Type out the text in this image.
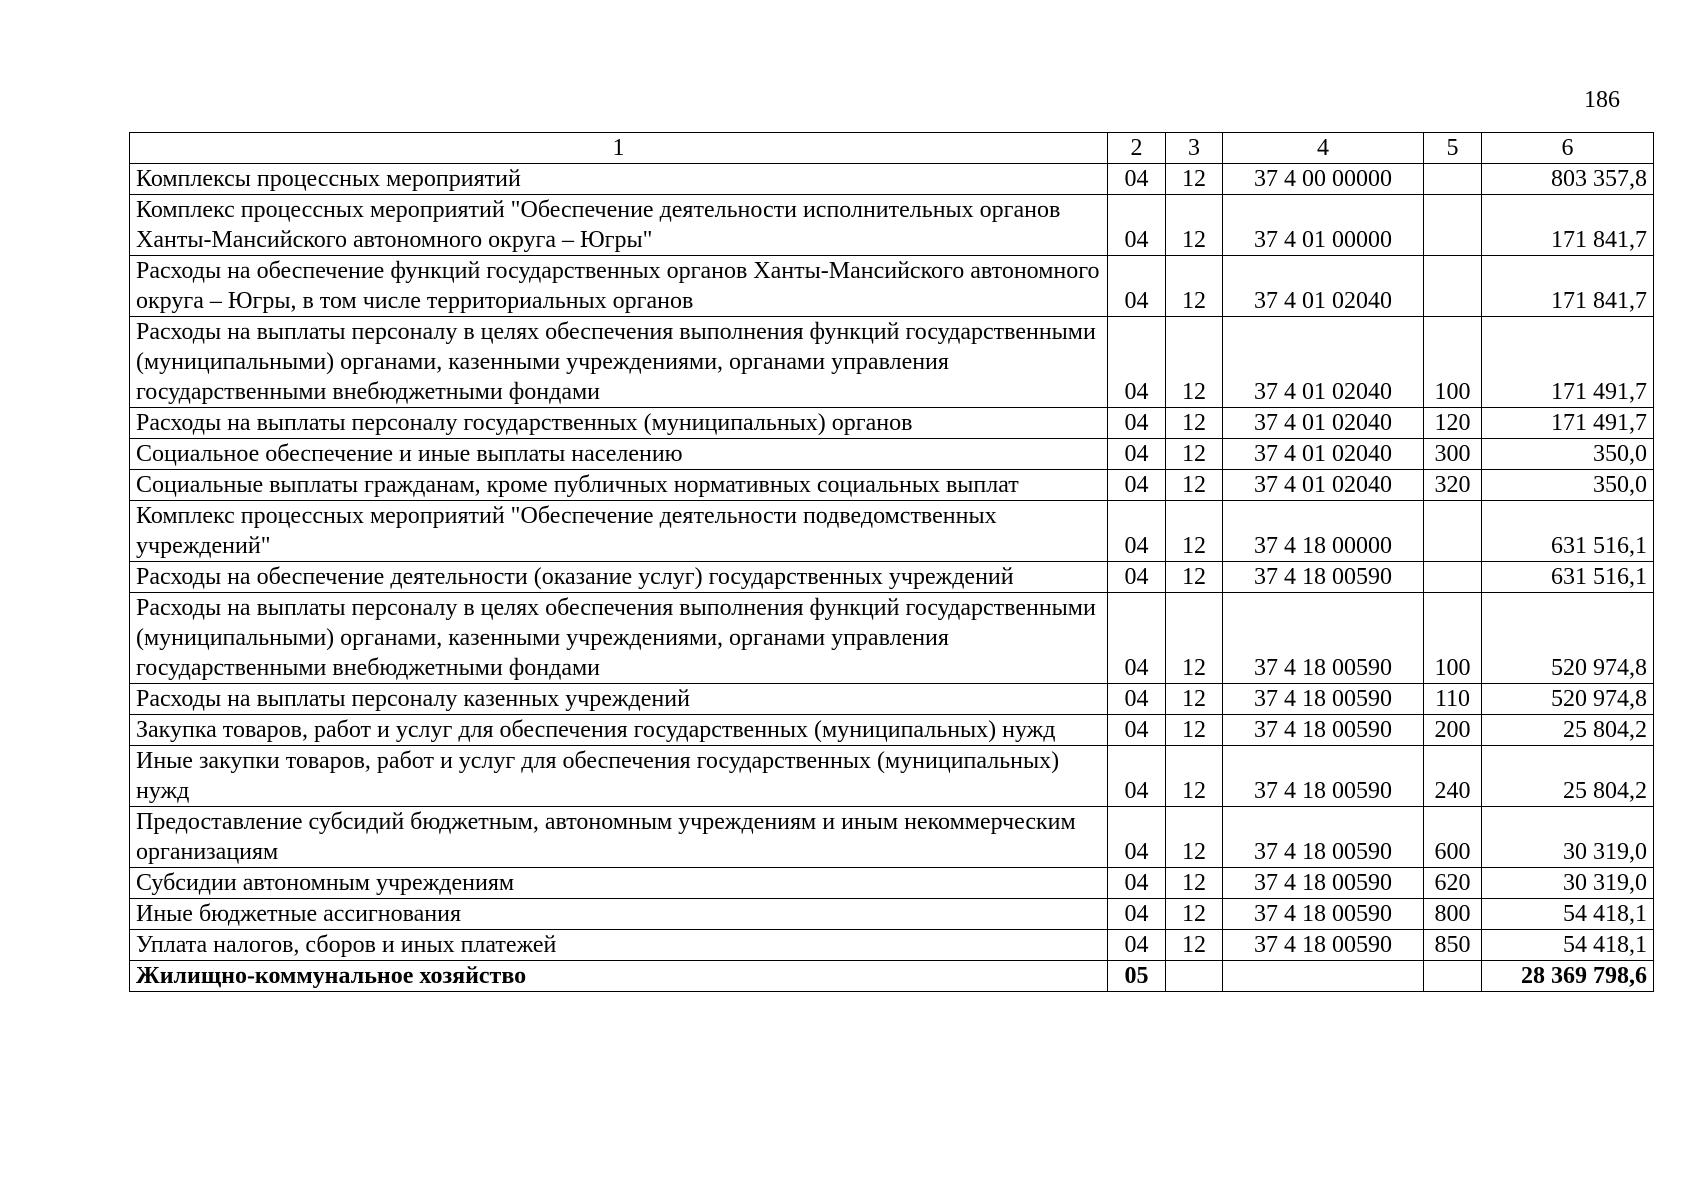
186
1	2	3	4	5	6
Комплексы процессных мероприятий	04	12	37 4 00 00000		803 357,8
Комплекс процессных мероприятий "Обеспечение деятельности исполнительных органов Ханты-Мансийского автономного округа – Югры"	04	12	37 4 01 00000		171 841,7
Расходы на обеспечение функций государственных органов Ханты-Мансийского автономного округа – Югры, в том числе территориальных органов	04	12	37 4 01 02040		171 841,7
Расходы на выплаты персоналу в целях обеспечения выполнения функций государственными (муниципальными) органами, казенными учреждениями, органами управления государственными внебюджетными фондами	04	12	37 4 01 02040	100	171 491,7
Расходы на выплаты персоналу государственных (муниципальных) органов	04	12	37 4 01 02040	120	171 491,7
Социальное обеспечение и иные выплаты населению	04	12	37 4 01 02040	300	350,0
Социальные выплаты гражданам, кроме публичных нормативных социальных выплат	04	12	37 4 01 02040	320	350,0
Комплекс процессных мероприятий "Обеспечение деятельности подведомственных учреждений"	04	12	37 4 18 00000		631 516,1
Расходы на обеспечение деятельности (оказание услуг) государственных учреждений	04	12	37 4 18 00590		631 516,1
Расходы на выплаты персоналу в целях обеспечения выполнения функций государственными (муниципальными) органами, казенными учреждениями, органами управления государственными внебюджетными фондами	04	12	37 4 18 00590	100	520 974,8
Расходы на выплаты персоналу казенных учреждений	04	12	37 4 18 00590	110	520 974,8
Закупка товаров, работ и услуг для обеспечения государственных (муниципальных) нужд	04	12	37 4 18 00590	200	25 804,2
Иные закупки товаров, работ и услуг для обеспечения государственных (муниципальных) нужд	04	12	37 4 18 00590	240	25 804,2
Предоставление субсидий бюджетным, автономным учреждениям и иным некоммерческим организациям	04	12	37 4 18 00590	600	30 319,0
Субсидии автономным учреждениям	04	12	37 4 18 00590	620	30 319,0
Иные бюджетные ассигнования	04	12	37 4 18 00590	800	54 418,1
Уплата налогов, сборов и иных платежей	04	12	37 4 18 00590	850	54 418,1
Жилищно-коммунальное хозяйство	05				28 369 798,6
